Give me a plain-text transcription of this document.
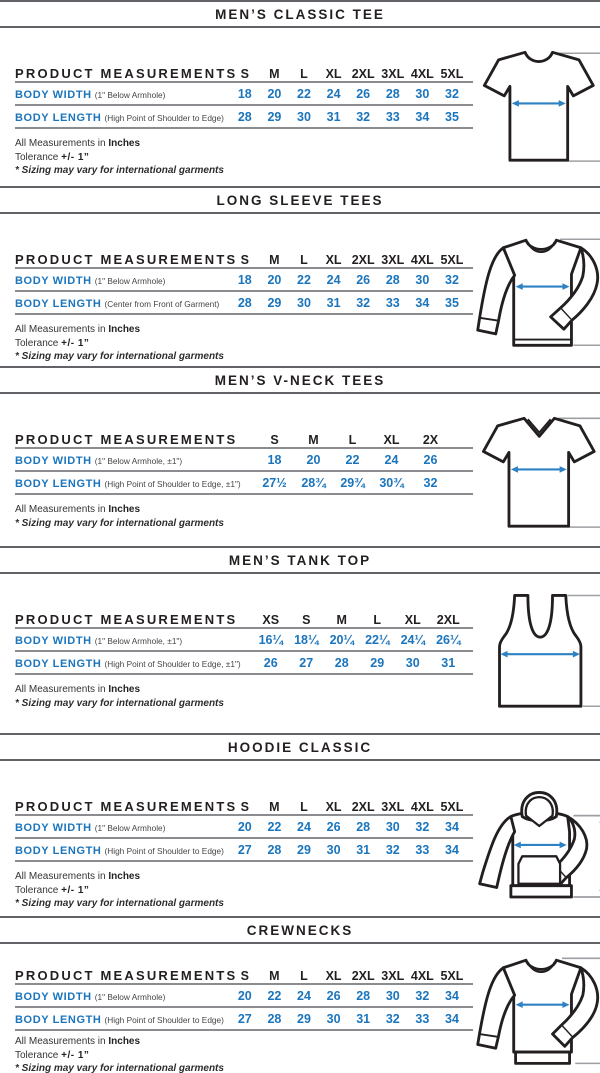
MEN’S CLASSIC TEE
PRODUCT MEASUREMENTS S	M	L	XL 2XL 3XL 4XL 5XL
BODY WIDTH (1" Below Armhole)	18	20	22	24	26	28	30	32
BODY LENGTH (High Point of Shoulder to Edge)	28	29	30	31	32	33	34	35
All Measurements in Inches
Tolerance +/- 1”
* Sizing may vary for international garments
LONG SLEEVE TEES
PRODUCT MEASUREMENTS S	M	L	XL 2XL 3XL 4XL 5XL
BODY WIDTH (1" Below Armhole)	18	20	22	24	26	28	30	32
BODY LENGTH (Center from Front of Garment)	28	29	30	31	32	33	34	35
All Measurements in Inches
Tolerance +/- 1”
* Sizing may vary for international garments
MEN’S V-NECK TEES
PRODUCT MEASUREMENTS	S	M	L	XL	2X
BODY WIDTH (1" Below Armhole, ±1")	18	20	22	24	26
BODY LENGTH (High Point of Shoulder to Edge, ±1")	27½	28¾	29¾	30¾	32
All Measurements in Inches
* Sizing may vary for international garments
MEN’S TANK TOP
PRODUCT MEASUREMENTS	XS	S	M	L	XL	2XL
BODY WIDTH (1" Below Armhole, ±1")	16¼ 18¼ 20¼ 22¼ 24¼ 26¼
BODY LENGTH (High Point of Shoulder to Edge, ±1")	26	27	28	29	30	31
All Measurements in Inches
* Sizing may vary for international garments
HOODIE CLASSIC
PRODUCT MEASUREMENTS S	M	L	XL 2XL 3XL 4XL 5XL
BODY WIDTH (1" Below Armhole)	20	22	24	26	28	30	32	34
BODY LENGTH (High Point of Shoulder to Edge)	27	28	29	30	31	32	33	34
All Measurements in Inches
Tolerance +/- 1”
* Sizing may vary for international garments
CREWNECKS
PRODUCT MEASUREMENTS S	M	L	XL 2XL 3XL 4XL 5XL
BODY WIDTH (1" Below Armhole)	20	22	24	26	28	30	32	34
BODY LENGTH (High Point of Shoulder to Edge)	27	28	29	30	31	32	33	34
All Measurements in Inches
Tolerance +/- 1”
* Sizing may vary for international garments
